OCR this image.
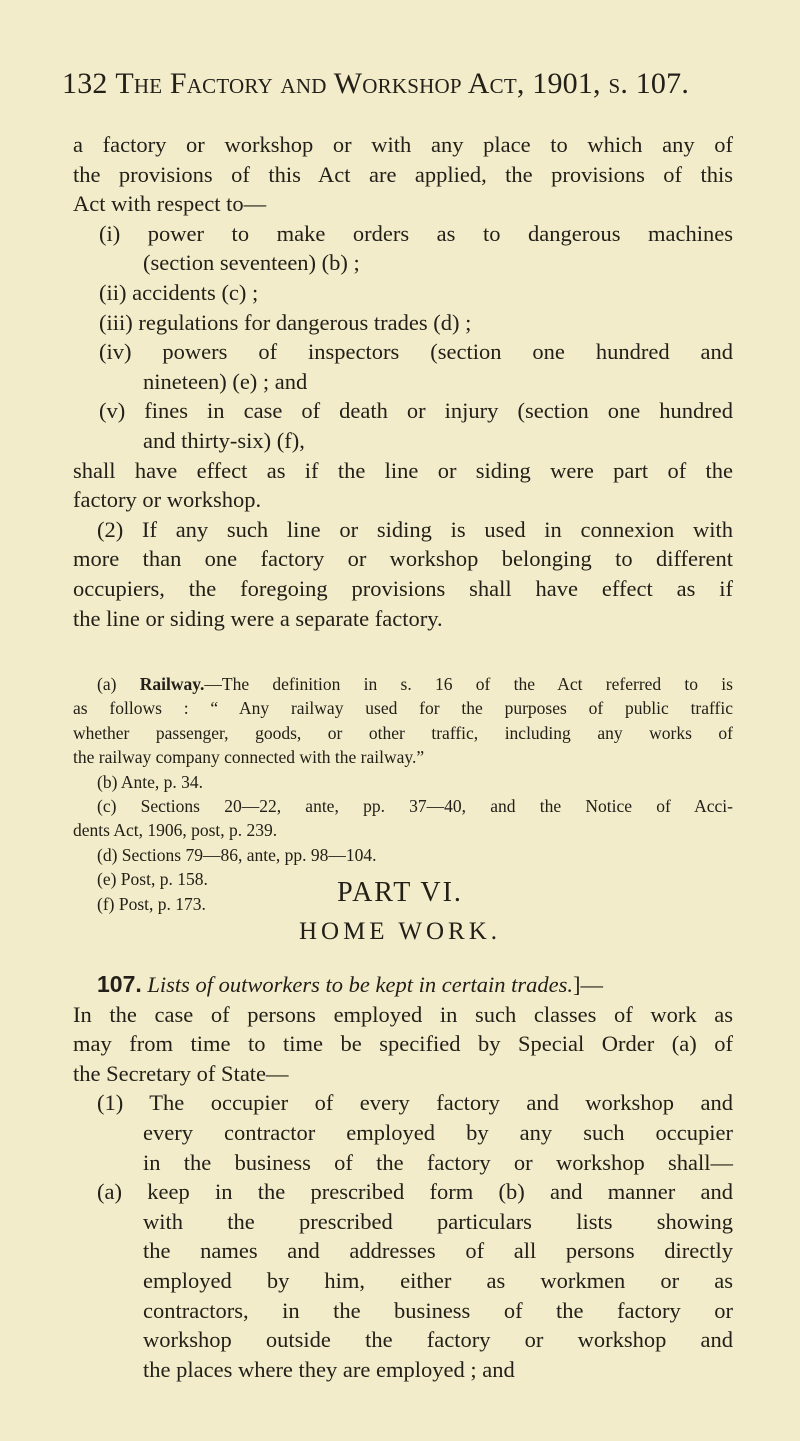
132 The Factory and Workshop Act, 1901, s. 107.
a factory or workshop or with any place to which any of
the provisions of this Act are applied, the provisions of this
Act with respect to—
(i) power to make orders as to dangerous machines
(section seventeen) (b) ;
(ii) accidents (c) ;
(iii) regulations for dangerous trades (d) ;
(iv) powers of inspectors (section one hundred and
nineteen) (e) ; and
(v) fines in case of death or injury (section one hundred
and thirty-six) (f),
shall have effect as if the line or siding were part of the
factory or workshop.
(2) If any such line or siding is used in connexion with
more than one factory or workshop belonging to different
occupiers, the foregoing provisions shall have effect as if
the line or siding were a separate factory.
(a) Railway.—The definition in s. 16 of the Act referred to is
as follows : “ Any railway used for the purposes of public traffic
whether passenger, goods, or other traffic, including any works of
the railway company connected with the railway.”
(b) Ante, p. 34.
(c) Sections 20—22, ante, pp. 37—40, and the Notice of Acci-
dents Act, 1906, post, p. 239.
(d) Sections 79—86, ante, pp. 98—104.
(e) Post, p. 158.
(f) Post, p. 173.	PART VI.
HOME WORK.
107. Lists of outworkers to be kept in certain trades.]—
In the case of persons employed in such classes of work as
may from time to time be specified by Special Order (a) of
the Secretary of State—
(1) The occupier of every factory and workshop and
every contractor employed by any such occupier
in the business of the factory or workshop shall—
(a) keep in the prescribed form (b) and manner and
with the prescribed particulars lists showing
the names and addresses of all persons directly
employed by him, either as workmen or as
contractors, in the business of the factory or
workshop outside the factory or workshop and
the places where they are employed ; and
